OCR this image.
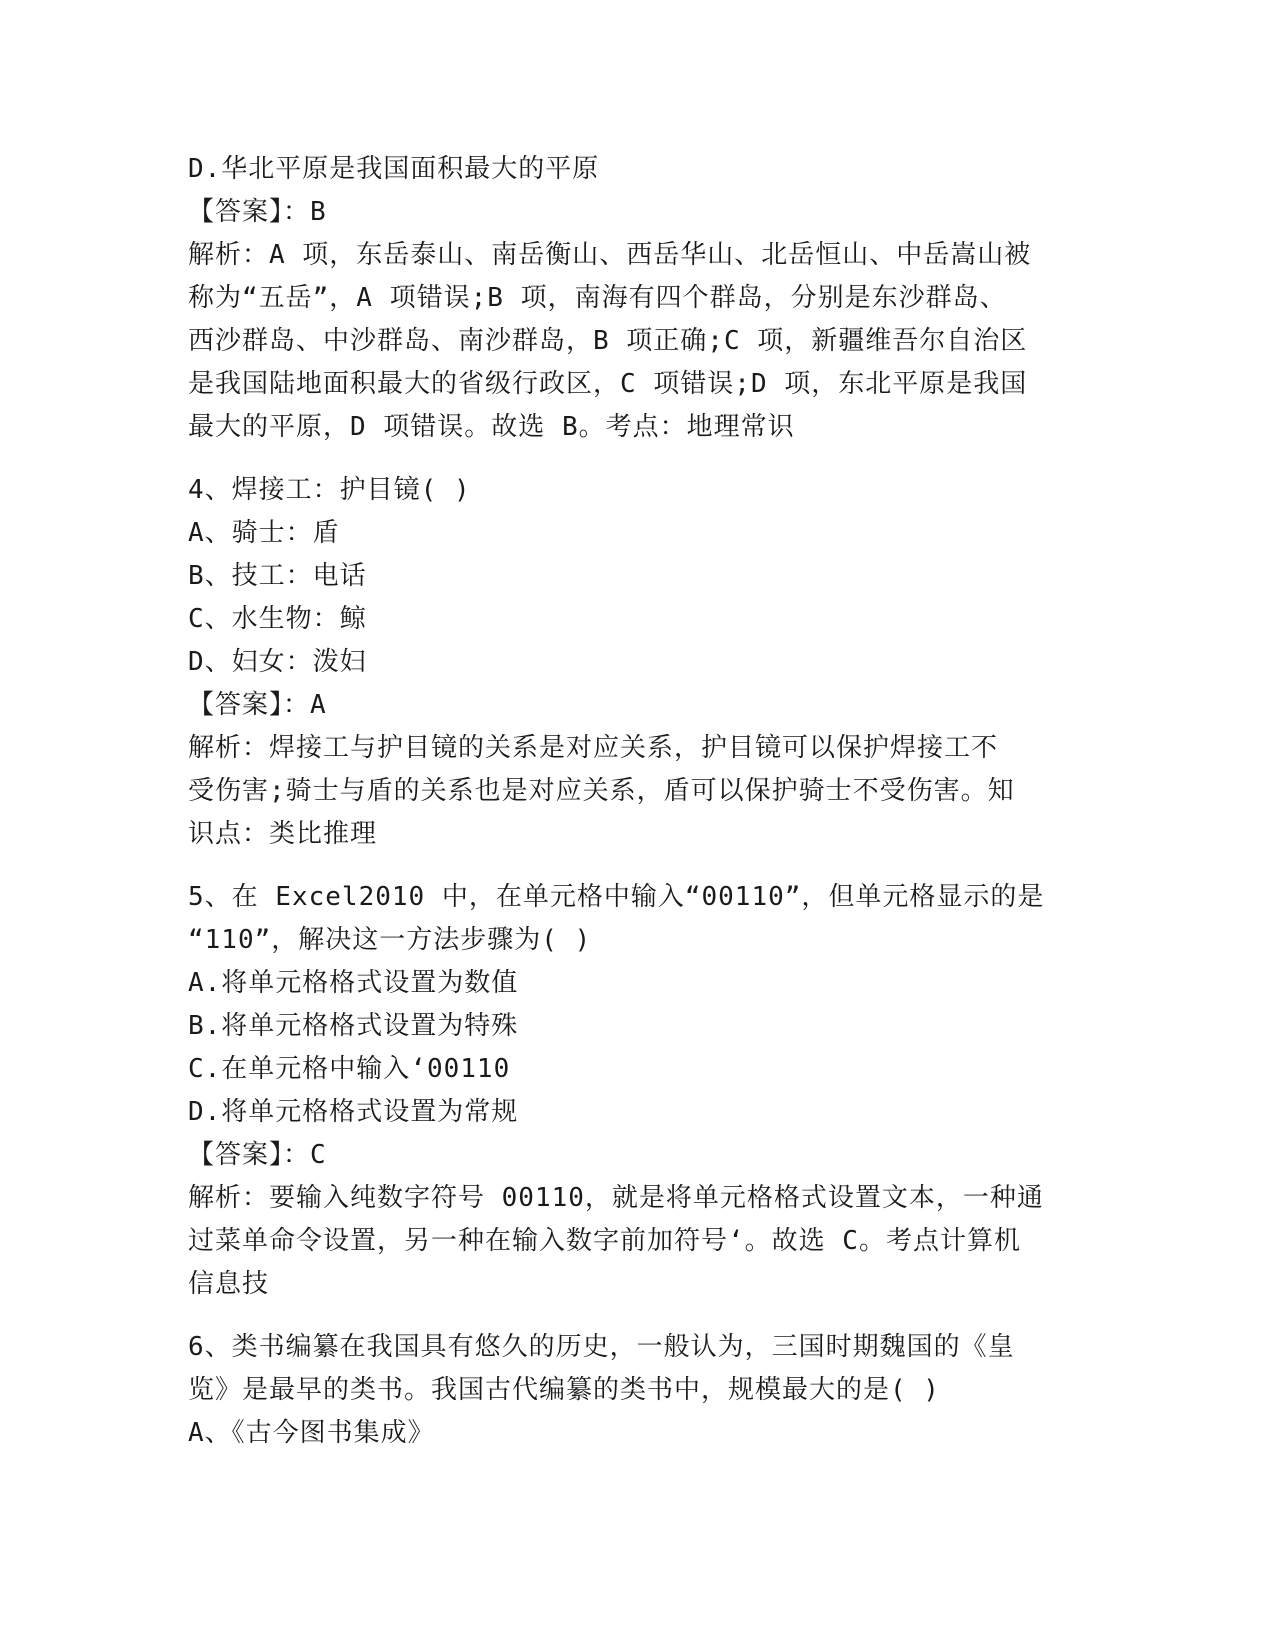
D.华北平原是我国面积最大的平原
【答案】：B
解析：A 项，东岳泰山、南岳衡山、西岳华山、北岳恒山、中岳嵩山被
称为“五岳”，A 项错误;B 项，南海有四个群岛，分别是东沙群岛、
西沙群岛、中沙群岛、南沙群岛，B 项正确;C 项，新疆维吾尔自治区
是我国陆地面积最大的省级行政区，C 项错误;D 项，东北平原是我国
最大的平原，D 项错误。故选 B。考点：地理常识
4、焊接工：护目镜( )
A、骑士：盾
B、技工：电话
C、水生物：鲸
D、妇女：泼妇
【答案】：A
解析：焊接工与护目镜的关系是对应关系，护目镜可以保护焊接工不
受伤害;骑士与盾的关系也是对应关系，盾可以保护骑士不受伤害。知
识点：类比推理
5、在 Excel2010 中，在单元格中输入“00110”，但单元格显示的是
“110”，解决这一方法步骤为( )
A.将单元格格式设置为数值
B.将单元格格式设置为特殊
C.在单元格中输入‘00110
D.将单元格格式设置为常规
【答案】：C
解析：要输入纯数字符号 00110，就是将单元格格式设置文本，一种通
过菜单命令设置，另一种在输入数字前加符号‘。故选 C。考点计算机
信息技
6、类书编纂在我国具有悠久的历史，一般认为，三国时期魏国的《皇
览》是最早的类书。我国古代编纂的类书中，规模最大的是( )
A、《古今图书集成》
